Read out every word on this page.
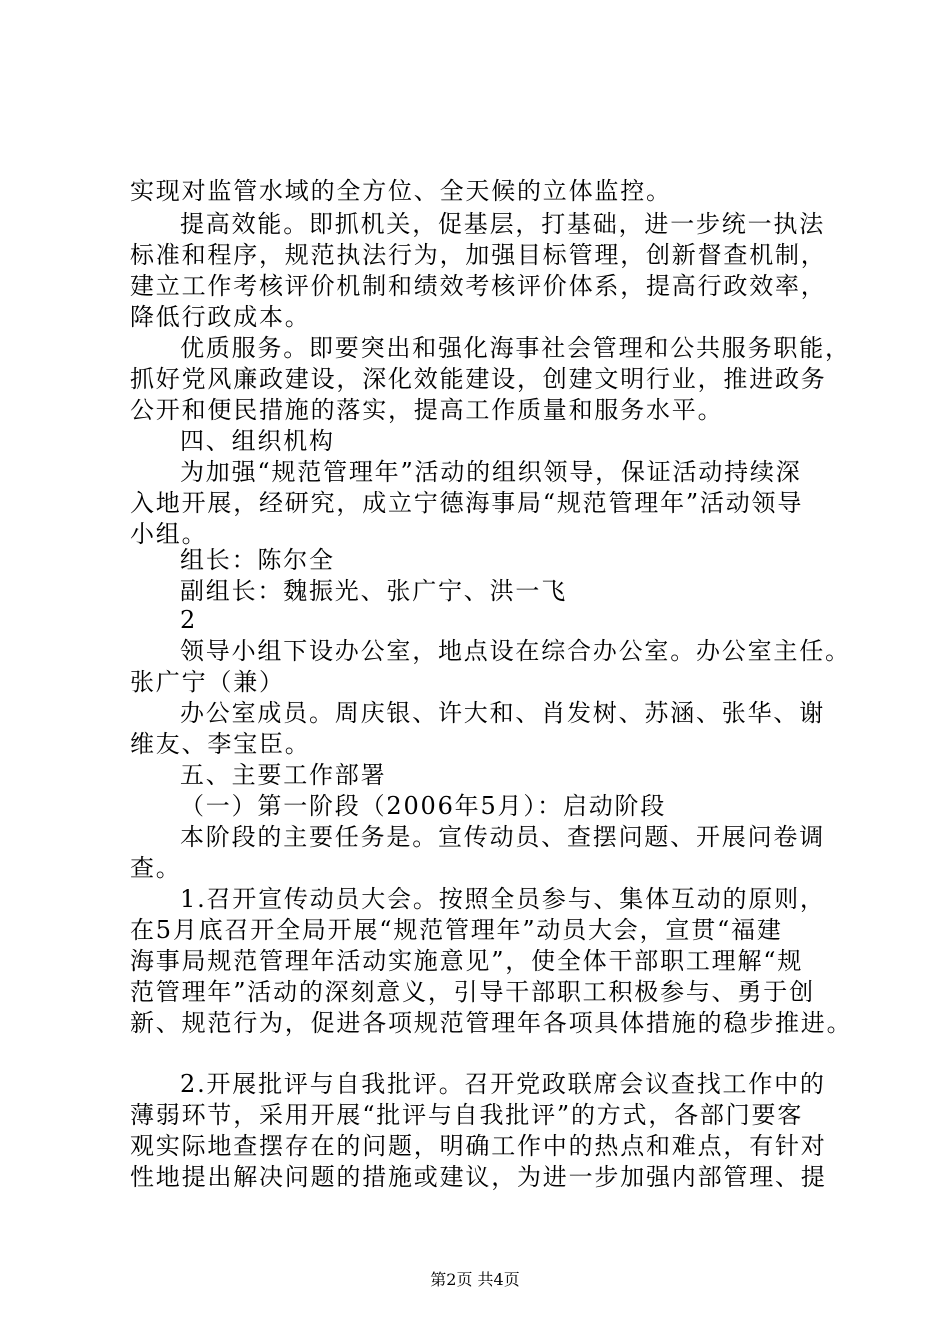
实现对监管水域的全方位、全天候的立体监控。
提高效能。即抓机关，促基层，打基础，进一步统一执法
标准和程序，规范执法行为，加强目标管理，创新督查机制，
建立工作考核评价机制和绩效考核评价体系，提高行政效率，
降低行政成本。
优质服务。即要突出和强化海事社会管理和公共服务职能，
抓好党风廉政建设，深化效能建设，创建文明行业，推进政务
公开和便民措施的落实，提高工作质量和服务水平。
四、组织机构
为加强“规范管理年”活动的组织领导，保证活动持续深
入地开展，经研究，成立宁德海事局“规范管理年”活动领导
小组。
组长：陈尔全
副组长：魏振光、张广宁、洪一飞
2
领导小组下设办公室，地点设在综合办公室。办公室主任。
张广宁（兼）
办公室成员。周庆银、许大和、肖发树、苏涵、张华、谢
维友、李宝臣。
五、主要工作部署
（一）第一阶段（2006年5月）：启动阶段
本阶段的主要任务是。宣传动员、查摆问题、开展问卷调
查。
1.召开宣传动员大会。按照全员参与、集体互动的原则，
在5月底召开全局开展“规范管理年”动员大会，宣贯“福建
海事局规范管理年活动实施意见”，使全体干部职工理解“规
范管理年”活动的深刻意义，引导干部职工积极参与、勇于创
新、规范行为，促进各项规范管理年各项具体措施的稳步推进。
2.开展批评与自我批评。召开党政联席会议查找工作中的
薄弱环节，采用开展“批评与自我批评”的方式，各部门要客
观实际地查摆存在的问题，明确工作中的热点和难点，有针对
性地提出解决问题的措施或建议，为进一步加强内部管理、提
第2页 共4页
